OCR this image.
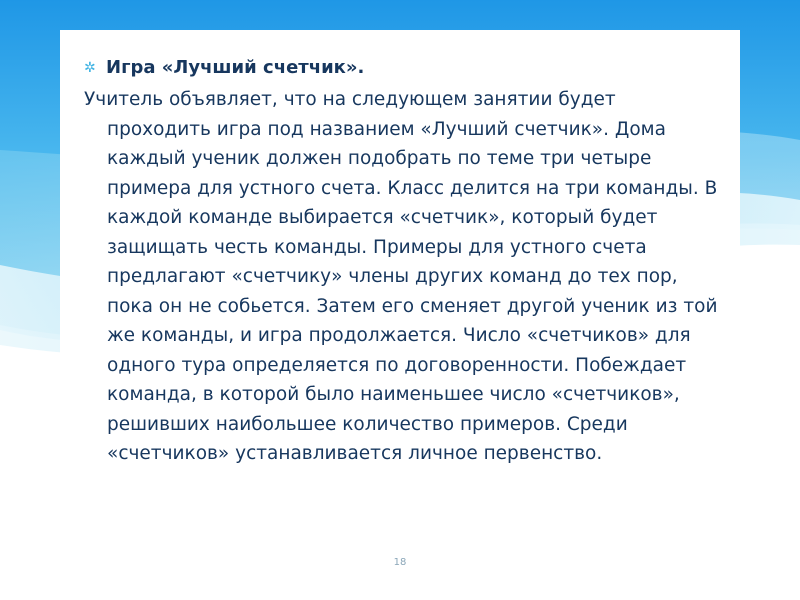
✲ Игра «Лучший счетчик».

Учитель объявляет, что на следующем занятии будет проходить игра под названием «Лучший счетчик». Дома каждый ученик должен подобрать по теме три четыре примера для устного счета. Класс делится на три команды. В каждой команде выбирается «счетчик», который будет защищать честь команды. Примеры для устного счета предлагают «счетчику» члены других команд до тех пор, пока он не собьется. Затем его сменяет другой ученик из той же команды, и игра продолжается. Число «счетчиков» для одного тура определяется по договоренности. Побеждает команда, в которой было наименьшее число «счетчиков», решивших наибольшее количество примеров. Среди «счетчиков» устанавливается личное первенство.

18
